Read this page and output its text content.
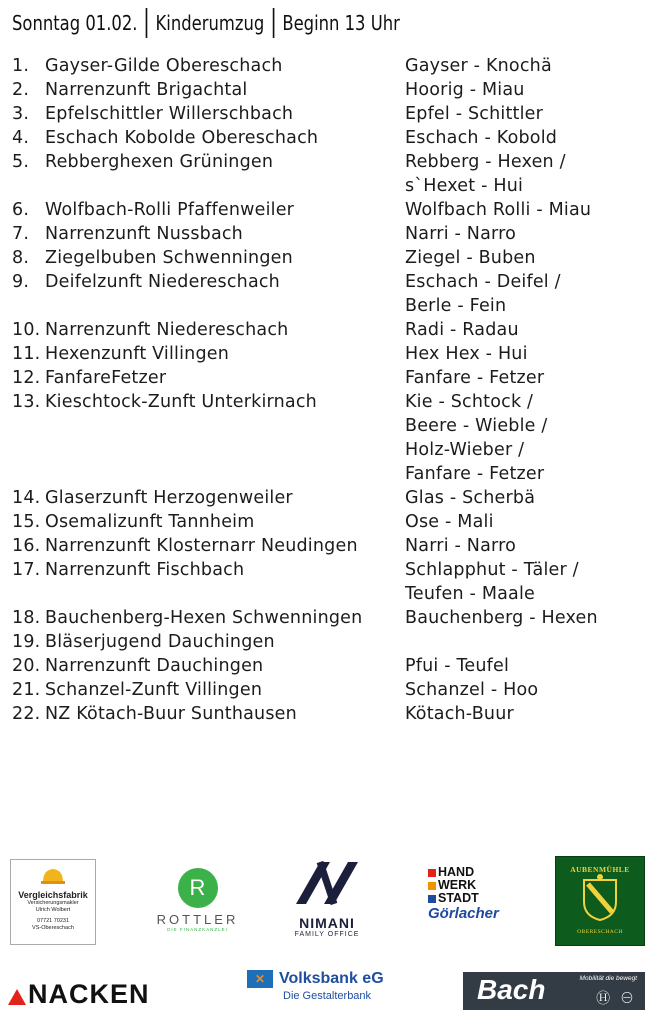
Sonntag 01.02. Kinderumzug Beginn 13 Uhr
1. Gayser-Gilde Obereschach	Gayser - Knochä
2. Narrenzunft Brigachtal	Hoorig - Miau
3. Epfelschittler Willerschbach	Epfel - Schittler
4. Eschach Kobolde Obereschach	Eschach - Kobold
5. Rebberghexen Grüningen	Rebberg - Hexen /
s`Hexet - Hui
6. Wolfbach-Rolli Pfaffenweiler	Wolfbach Rolli - Miau
7. Narrenzunft Nussbach	Narri - Narro
8. Ziegelbuben Schwenningen	Ziegel - Buben
9. Deifelzunft Niedereschach	Eschach - Deifel /
Berle - Fein
10. Narrenzunft Niedereschach	Radi - Radau
11. Hexenzunft Villingen	Hex Hex - Hui
12. FanfareFetzer	Fanfare - Fetzer
13. Kieschtock-Zunft Unterkirnach	Kie - Schtock /
Beere - Wieble /
Holz-Wieber /
Fanfare - Fetzer
14. Glaserzunft Herzogenweiler	Glas - Scherbä
15. Osemalizunft Tannheim	Ose - Mali
16. Narrenzunft Klosternarr Neudingen	Narri - Narro
17. Narrenzunft Fischbach	Schlapphut - Täler /
Teufen - Maale
18. Bauchenberg-Hexen Schwenningen	Bauchenberg - Hexen
19. Bläserjugend Dauchingen
20. Narrenzunft Dauchingen	Pfui - Teufel
21. Schanzel-Zunft Villingen	Schanzel - Hoo
22. NZ Kötach-Buur Sunthausen	Kötach-Buur
Vergleichsfabrik
Versicherungsmakler
Ulrich Wolbert
07721 70231
VS-Obereschach
R
ROTTLER
DIE FINANZKANZLEI	NIMANI
FAMILY OFFICE
HAND
WERK
STADT
Görlacher
AUBENMÜHLE
OBERESCHACH
NACKEN
✕ Volksbank eG
Die Gestalterbank	Bach	Mobilität die bewegt
Ⓗ ⊖
